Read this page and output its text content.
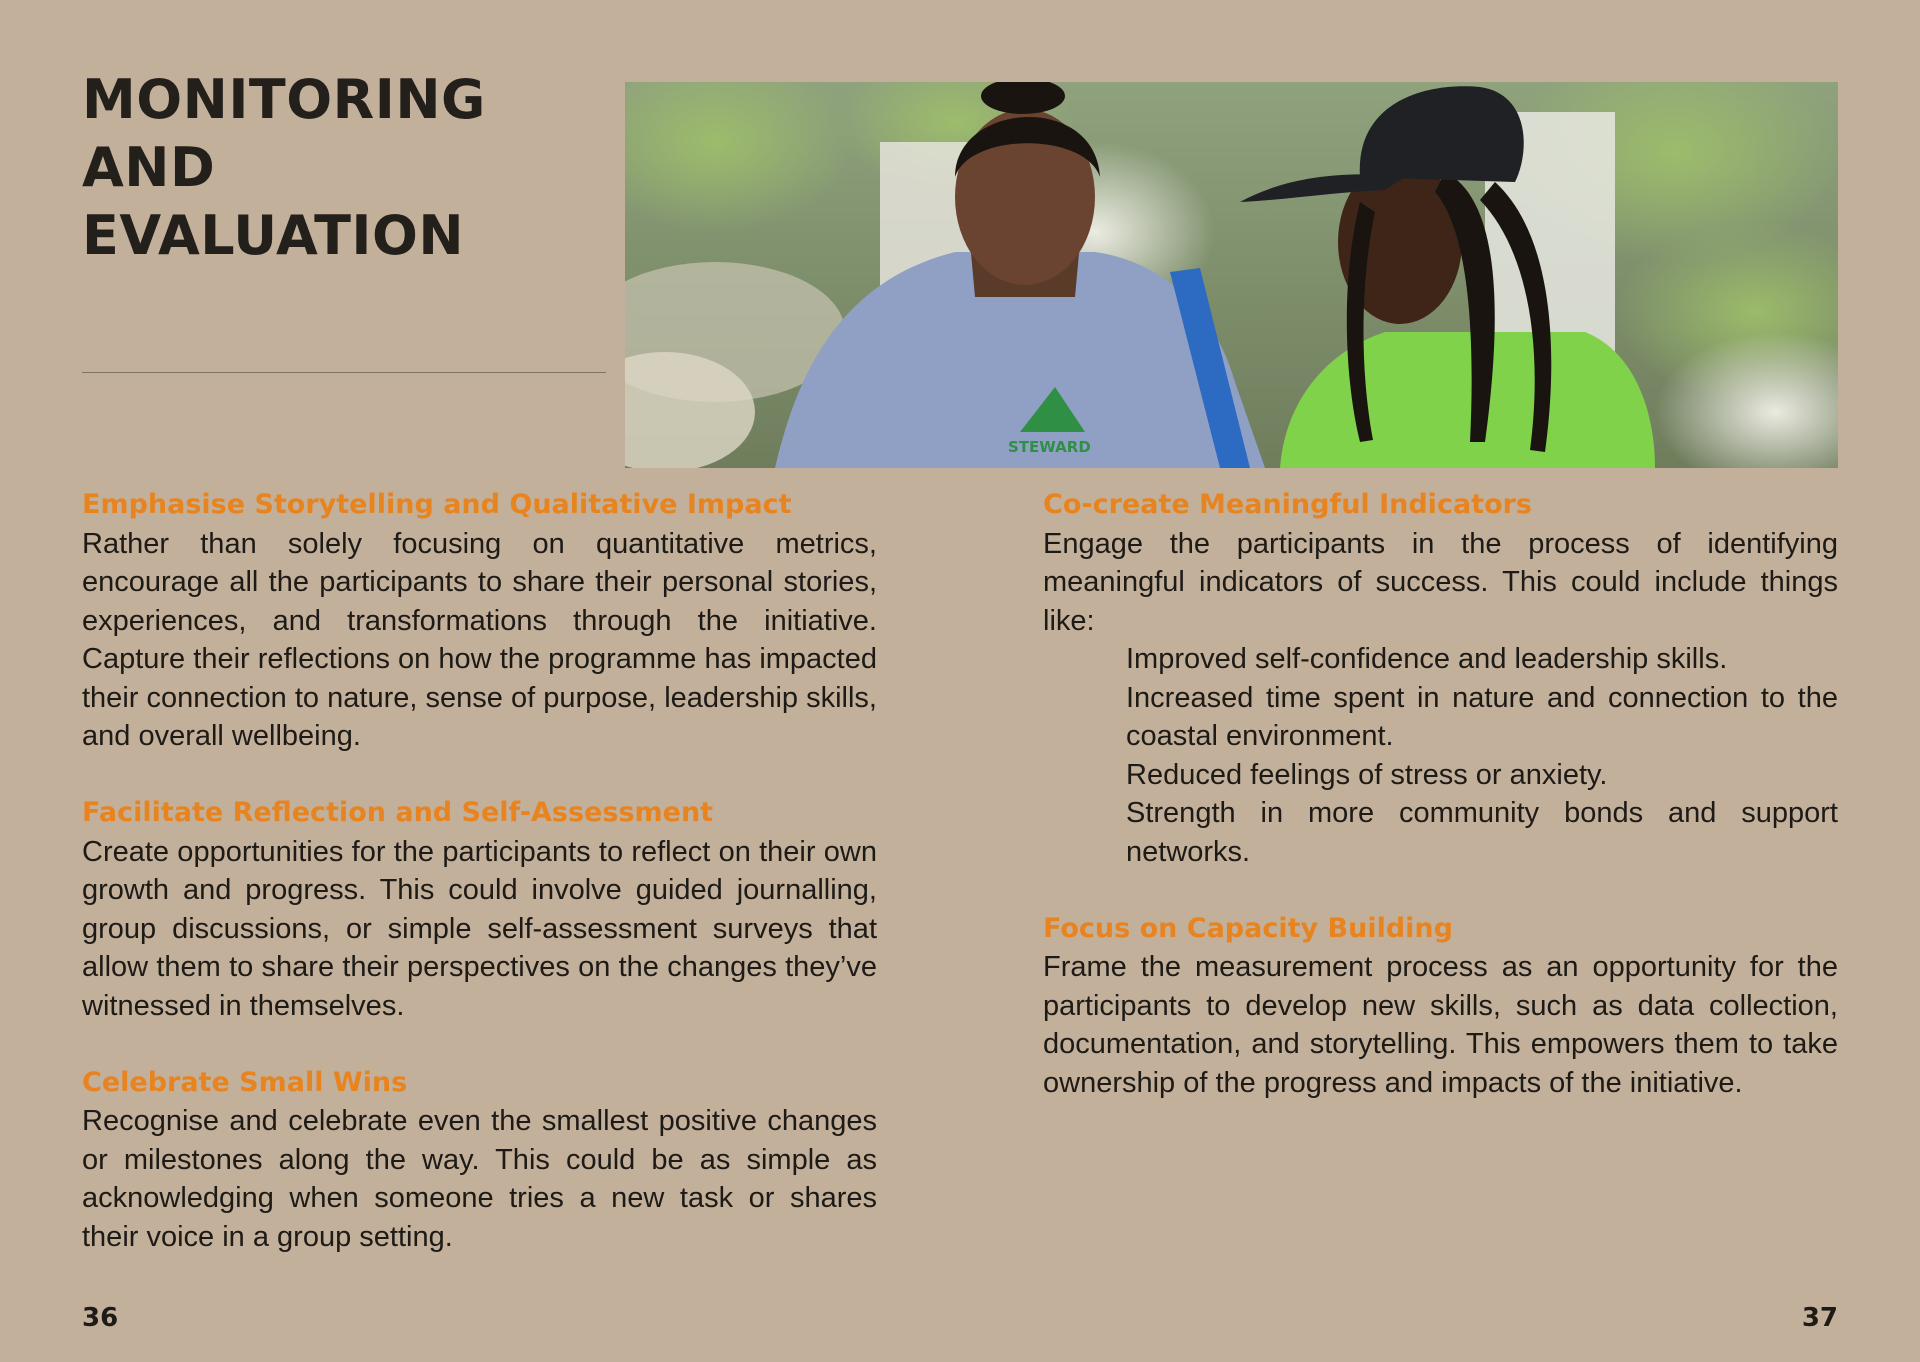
MONITORING
AND
EVALUATION
STEWARD
Emphasise Storytelling and Qualitative Impact

Rather than solely focusing on quantitative metrics, encourage all the participants to share their personal stories, experiences, and transformations through the initiative. Capture their reflections on how the programme has impacted their connection to nature, sense of purpose, leadership skills, and overall wellbeing.

Facilitate Reflection and Self-Assessment

Create opportunities for the participants to reflect on their own growth and progress. This could involve guided journalling, group discussions, or simple self-assessment surveys that allow them to share their perspectives on the changes they’ve witnessed in themselves.

Celebrate Small Wins

Recognise and celebrate even the smallest positive changes or milestones along the way. This could be as simple as acknowledging when someone tries a new task or shares their voice in a group setting.

Co-create Meaningful Indicators

Engage the participants in the process of identifying meaningful indicators of success. This could include things like:

Improved self-confidence and leadership skills.
Increased time spent in nature and connection to the coastal environment.
Reduced feelings of stress or anxiety.
Strength in more community bonds and support networks.
Focus on Capacity Building

Frame the measurement process as an opportunity for the participants to develop new skills, such as data collection, documentation, and storytelling. This empowers them to take ownership of the progress and impacts of the initiative.

36	37
